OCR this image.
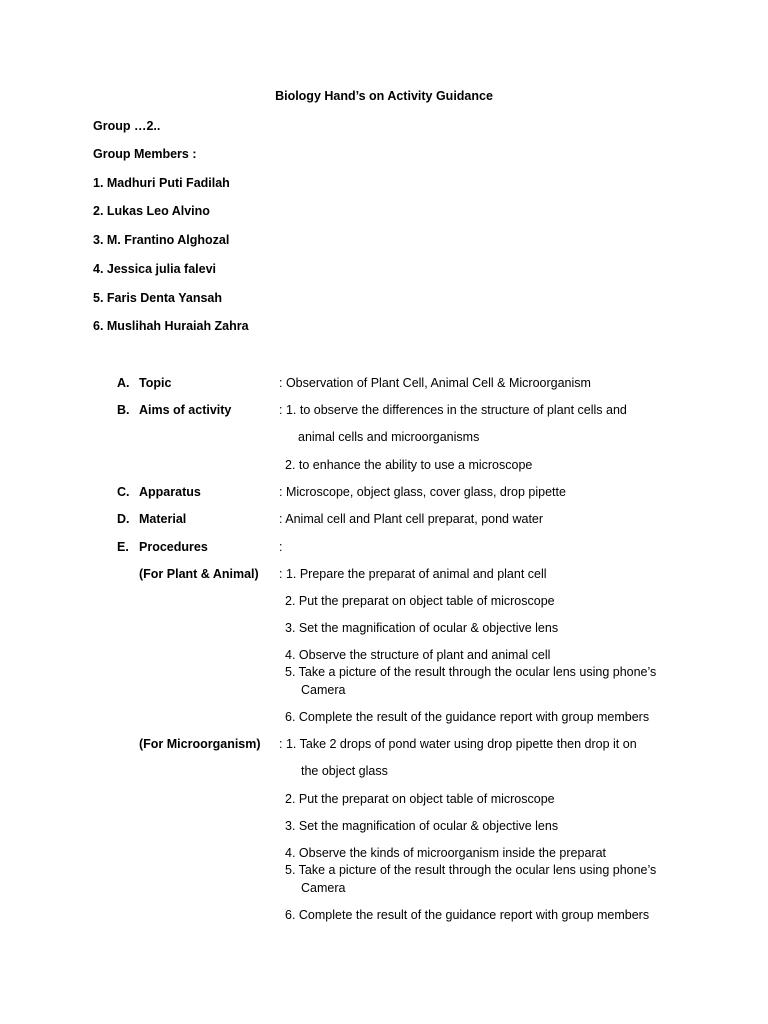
Biology Hand’s on Activity Guidance
Group …2..
Group Members :
1. Madhuri Puti Fadilah
2. Lukas Leo Alvino
3. M. Frantino Alghozal
4. Jessica julia falevi
5. Faris Denta Yansah
6. Muslihah Huraiah Zahra
A. Topic	: Observation of Plant Cell, Animal Cell & Microorganism
B. Aims of activity	: 1. to observe the differences in the structure of plant cells and
animal cells and microorganisms
2. to enhance the ability to use a microscope
C. Apparatus	: Microscope, object glass, cover glass, drop pipette
D. Material	: Animal cell and Plant cell preparat, pond water
E. Procedures	:
(For Plant & Animal) : 1. Prepare the preparat of animal and plant cell
2. Put the preparat on object table of microscope
3. Set the magnification of ocular & objective lens
4. Observe the structure of plant and animal cell
5. Take a picture of the result through the ocular lens using phone’s
Camera
6. Complete the result of the guidance report with group members
(For Microorganism) : 1. Take 2 drops of pond water using drop pipette then drop it on
the object glass
2. Put the preparat on object table of microscope
3. Set the magnification of ocular & objective lens
4. Observe the kinds of microorganism inside the preparat
5. Take a picture of the result through the ocular lens using phone’s
Camera
6. Complete the result of the guidance report with group members
